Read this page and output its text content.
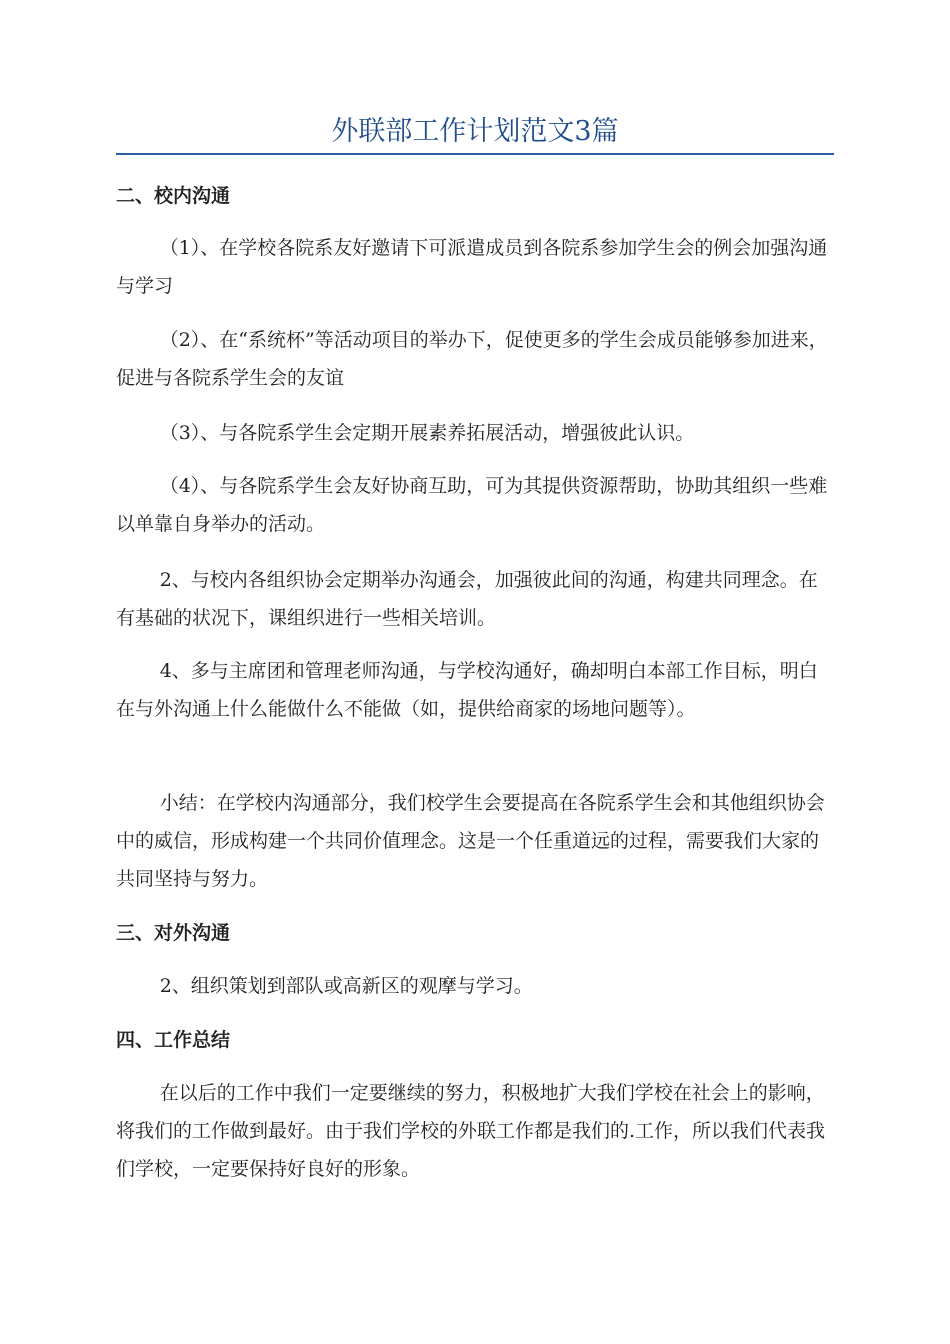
外联部工作计划范文3篇
二、校内沟通
（1）、在学校各院系友好邀请下可派遣成员到各院系参加学生会的例会加强沟通与学习
（2）、在“系统杯”等活动项目的举办下，促使更多的学生会成员能够参加进来，促进与各院系学生会的友谊
（3）、与各院系学生会定期开展素养拓展活动，增强彼此认识。
（4）、与各院系学生会友好协商互助，可为其提供资源帮助，协助其组织一些难以单靠自身举办的活动。
2、与校内各组织协会定期举办沟通会，加强彼此间的沟通，构建共同理念。在有基础的状况下，课组织进行一些相关培训。
4、多与主席团和管理老师沟通，与学校沟通好，确却明白本部工作目标，明白在与外沟通上什么能做什么不能做（如，提供给商家的场地问题等）。
小结：在学校内沟通部分，我们校学生会要提高在各院系学生会和其他组织协会中的威信，形成构建一个共同价值理念。这是一个任重道远的过程，需要我们大家的共同坚持与努力。
三、对外沟通
2、组织策划到部队或高新区的观摩与学习。
四、工作总结
在以后的工作中我们一定要继续的努力，积极地扩大我们学校在社会上的影响，将我们的工作做到最好。由于我们学校的外联工作都是我们的.工作，所以我们代表我们学校，一定要保持好良好的形象。
